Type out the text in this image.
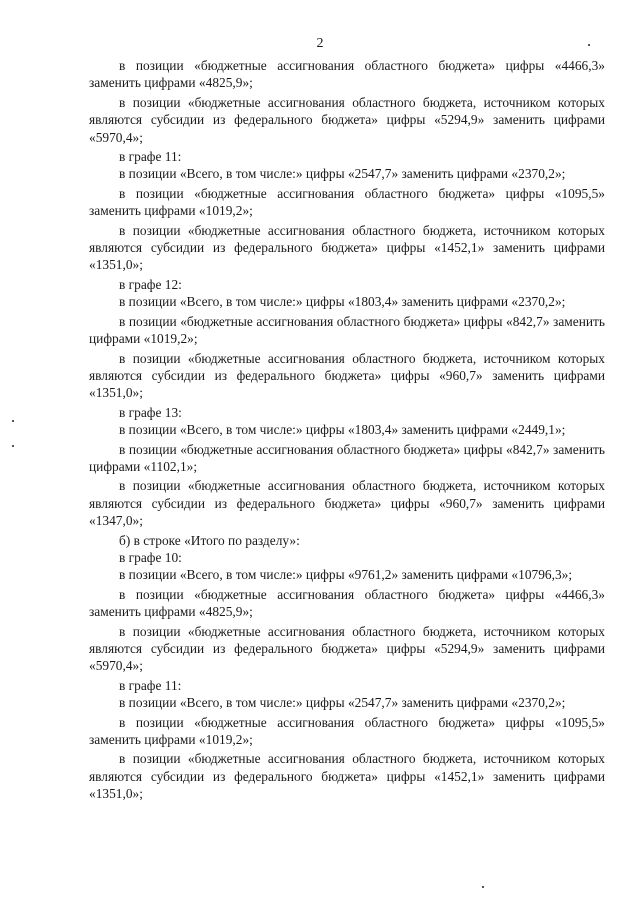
2

в позиции «бюджетные ассигнования областного бюджета» цифры «4466,3» заменить цифрами «4825,9»;

в позиции «бюджетные ассигнования областного бюджета, источником которых являются субсидии из федерального бюджета» цифры «5294,9» заменить цифрами «5970,4»;

в графе 11:

в позиции «Всего, в том числе:» цифры «2547,7» заменить цифрами «2370,2»;

в позиции «бюджетные ассигнования областного бюджета» цифры «1095,5» заменить цифрами «1019,2»;

в позиции «бюджетные ассигнования областного бюджета, источником которых являются субсидии из федерального бюджета» цифры «1452,1» заменить цифрами «1351,0»;

в графе 12:

в позиции «Всего, в том числе:» цифры «1803,4» заменить цифрами «2370,2»;

в позиции «бюджетные ассигнования областного бюджета» цифры «842,7» заменить цифрами «1019,2»;

в позиции «бюджетные ассигнования областного бюджета, источником которых являются субсидии из федерального бюджета» цифры «960,7» заменить цифрами «1351,0»;

в графе 13:

в позиции «Всего, в том числе:» цифры «1803,4» заменить цифрами «2449,1»;

в позиции «бюджетные ассигнования областного бюджета» цифры «842,7» заменить цифрами «1102,1»;

в позиции «бюджетные ассигнования областного бюджета, источником которых являются субсидии из федерального бюджета» цифры «960,7» заменить цифрами «1347,0»;

б) в строке «Итого по разделу»:

в графе 10:

в позиции «Всего, в том числе:» цифры «9761,2» заменить цифрами «10796,3»;

в позиции «бюджетные ассигнования областного бюджета» цифры «4466,3» заменить цифрами «4825,9»;

в позиции «бюджетные ассигнования областного бюджета, источником которых являются субсидии из федерального бюджета» цифры «5294,9» заменить цифрами «5970,4»;

в графе 11:

в позиции «Всего, в том числе:» цифры «2547,7» заменить цифрами «2370,2»;

в позиции «бюджетные ассигнования областного бюджета» цифры «1095,5» заменить цифрами «1019,2»;

в позиции «бюджетные ассигнования областного бюджета, источником которых являются субсидии из федерального бюджета» цифры «1452,1» заменить цифрами «1351,0»;
